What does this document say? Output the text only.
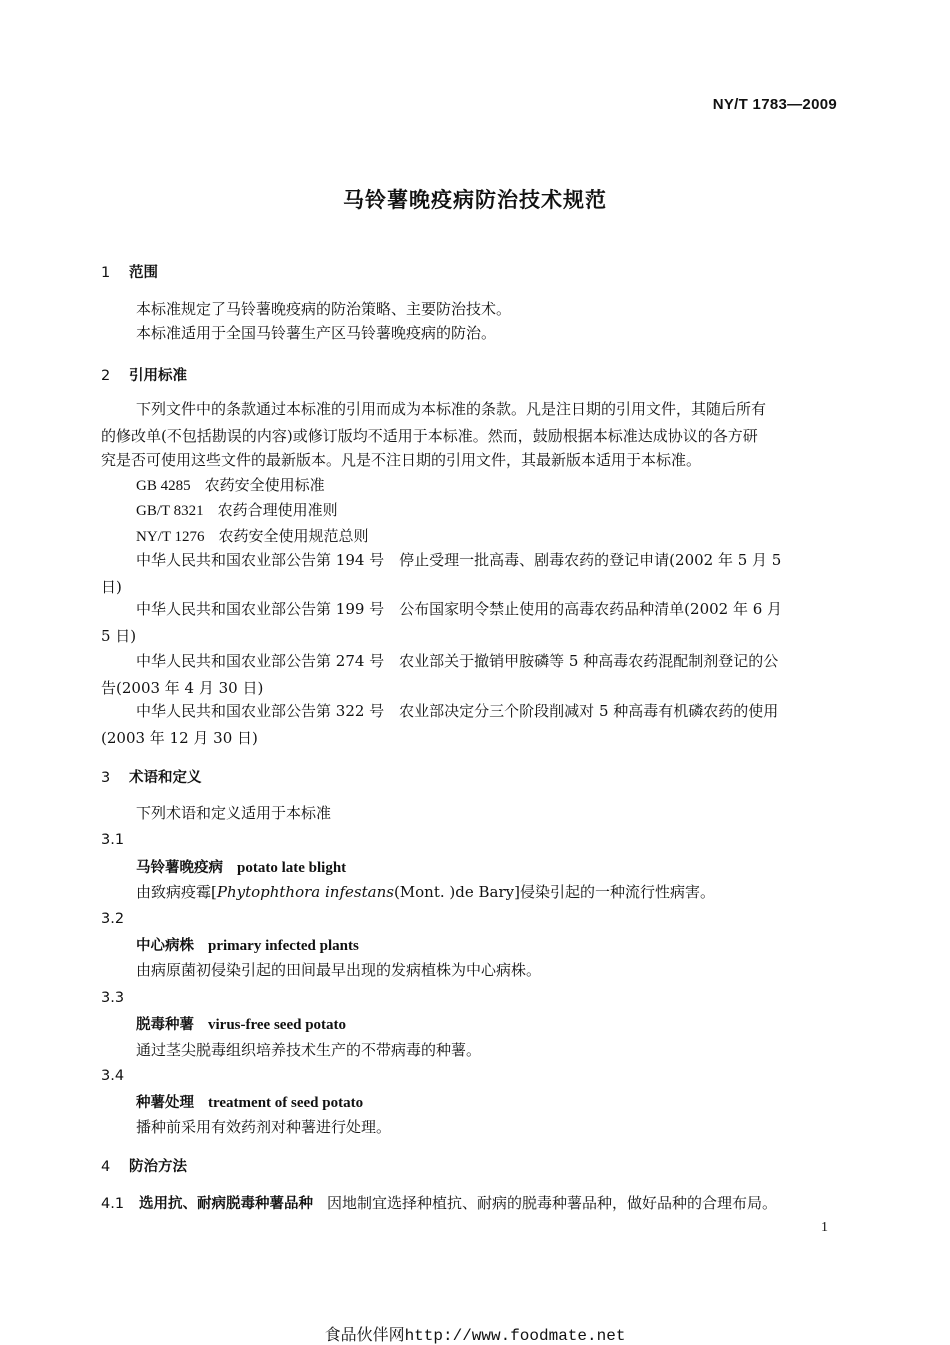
NY/T 1783—2009
马铃薯晚疫病防治技术规范
1 范围
本标准规定了马铃薯晚疫病的防治策略、主要防治技术。
本标准适用于全国马铃薯生产区马铃薯晚疫病的防治。
2 引用标准
下列文件中的条款通过本标准的引用而成为本标准的条款。凡是注日期的引用文件，其随后所有
的修改单(不包括勘误的内容)或修订版均不适用于本标准。然而，鼓励根据本标准达成协议的各方研
究是否可使用这些文件的最新版本。凡是不注日期的引用文件，其最新版本适用于本标准。
GB 4285 农药安全使用标准
GB/T 8321 农药合理使用准则
NY/T 1276 农药安全使用规范总则
中华人民共和国农业部公告第 194 号　停止受理一批高毒、剧毒农药的登记申请(2002 年 5 月 5
日)
中华人民共和国农业部公告第 199 号　公布国家明令禁止使用的高毒农药品种清单(2002 年 6 月
5 日)
中华人民共和国农业部公告第 274 号　农业部关于撤销甲胺磷等 5 种高毒农药混配制剂登记的公
告(2003 年 4 月 30 日)
中华人民共和国农业部公告第 322 号　农业部决定分三个阶段削减对 5 种高毒有机磷农药的使用
(2003 年 12 月 30 日)
3 术语和定义
下列术语和定义适用于本标准
3.1
马铃薯晚疫病 potato late blight
由致病疫霉[Phytophthora infestans(Mont. )de Bary]侵染引起的一种流行性病害。
3.2
中心病株 primary infected plants
由病原菌初侵染引起的田间最早出现的发病植株为中心病株。
3.3
脱毒种薯 virus-free seed potato
通过茎尖脱毒组织培养技术生产的不带病毒的种薯。
3.4
种薯处理 treatment of seed potato
播种前采用有效药剂对种薯进行处理。
4 防治方法
4.1 选用抗、耐病脱毒种薯品种 因地制宜选择种植抗、耐病的脱毒种薯品种，做好品种的合理布局。
1
食品伙伴网http://www.foodmate.net
